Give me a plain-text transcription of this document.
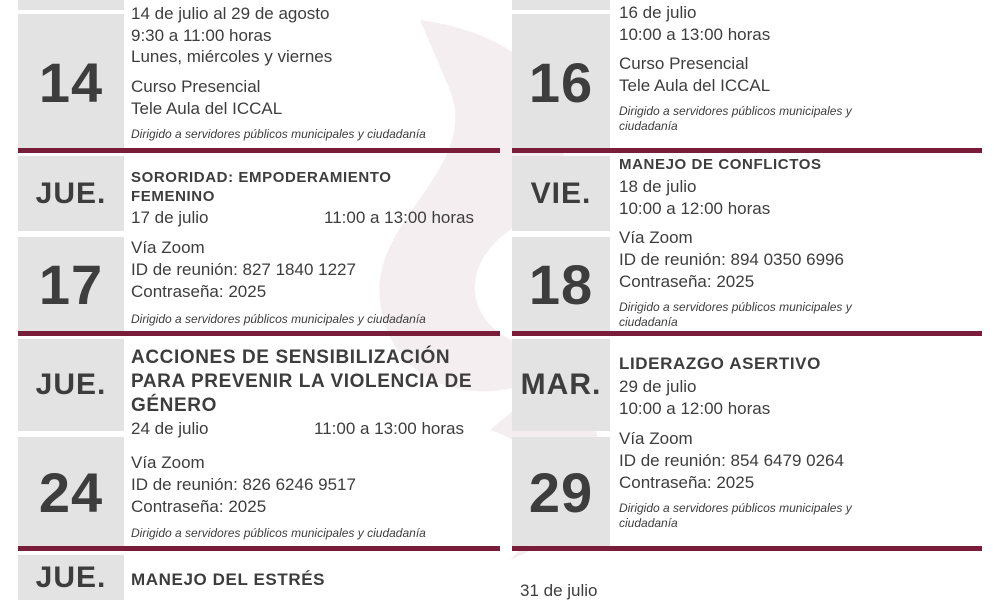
14
14 de julio al 29 de agosto
9:30 a 11:00 horas
Lunes, miércoles y viernes
Curso Presencial
Tele Aula del ICCAL
Dirigido a servidores públicos municipales y ciudadanía
16
16 de julio
10:00 a 13:00 horas
Curso Presencial
Tele Aula del ICCAL
Dirigido a servidores públicos municipales y
ciudadanía
JUE.
17
SORORIDAD: EMPODERAMIENTO
FEMENINO
17 de julio	11:00 a 13:00 horas
Vía Zoom
ID de reunión: 827 1840 1227
Contraseña: 2025
Dirigido a servidores públicos municipales y ciudadanía
VIE.
18
MANEJO DE CONFLICTOS
18 de julio
10:00 a 12:00 horas
Vía Zoom
ID de reunión: 894 0350 6996
Contraseña: 2025
Dirigido a servidores públicos municipales y
ciudadanía
JUE.
24
ACCIONES DE SENSIBILIZACIÓN
PARA PREVENIR LA VIOLENCIA DE
GÉNERO
24 de julio	11:00 a 13:00 horas
Vía Zoom
ID de reunión: 826 6246 9517
Contraseña: 2025
Dirigido a servidores públicos municipales y ciudadanía
MAR.
29
LIDERAZGO ASERTIVO
29 de julio
10:00 a 12:00 horas
Vía Zoom
ID de reunión: 854 6479 0264
Contraseña: 2025
Dirigido a servidores públicos municipales y
ciudadanía
JUE. MANEJO DEL ESTRÉS
31 de julio
